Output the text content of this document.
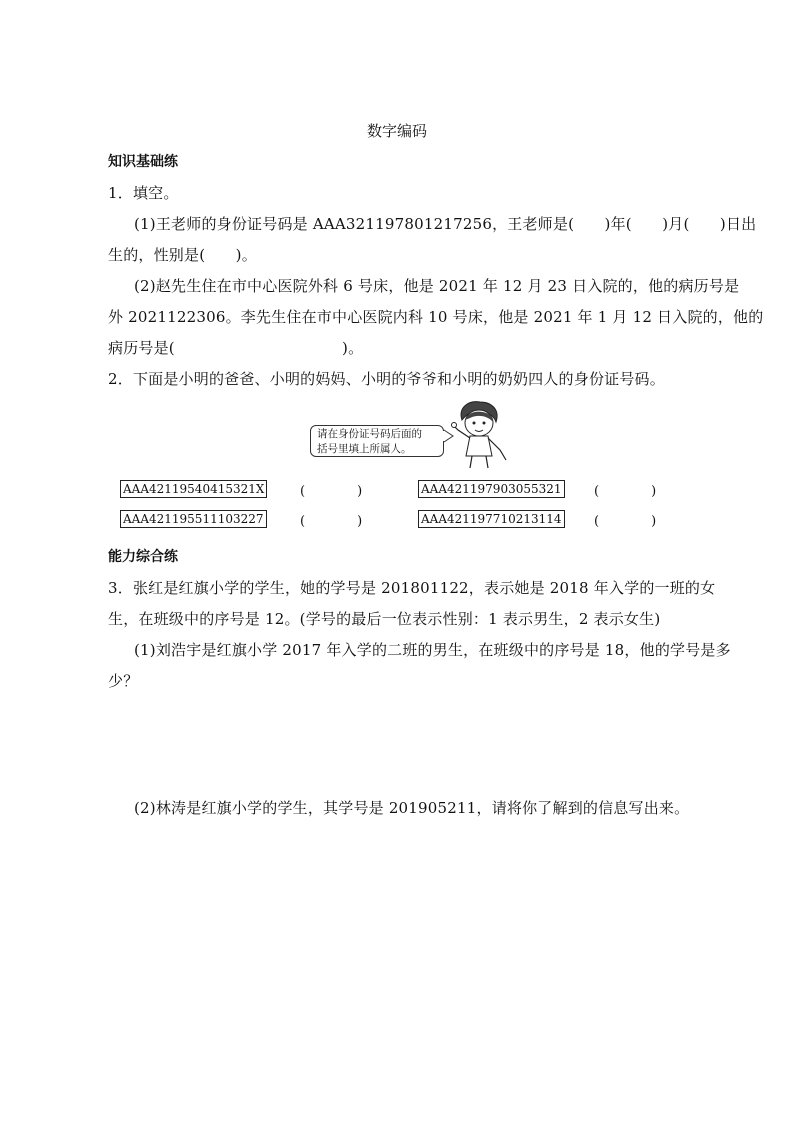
数字编码
知识基础练
1．填空。
(1)王老师的身份证号码是 AAA321197801217256，王老师是(　　)年(　　)月(　　)日出
生的，性别是(　　)。
(2)赵先生住在市中心医院外科 6 号床，他是 2021 年 12 月 23 日入院的，他的病历号是
外 2021122306。李先生住在市中心医院内科 10 号床，他是 2021 年 1 月 12 日入院的，他的
病历号是(　　　　　　　　　　　)。
2．下面是小明的爸爸、小明的妈妈、小明的爷爷和小明的奶奶四人的身份证号码。
请在身份证号码后面的
括号里填上所属人。
AAA42119540415321X	(　　　　)	AAA421197903055321 (　　　　)
AAA421195511103227	(　　　　)	AAA421197710213114 (　　　　)
能力综合练
3．张红是红旗小学的学生，她的学号是 201801122，表示她是 2018 年入学的一班的女
生，在班级中的序号是 12。(学号的最后一位表示性别：1 表示男生，2 表示女生)
(1)刘浩宇是红旗小学 2017 年入学的二班的男生，在班级中的序号是 18，他的学号是多
少？
(2)林涛是红旗小学的学生，其学号是 201905211，请将你了解到的信息写出来。
